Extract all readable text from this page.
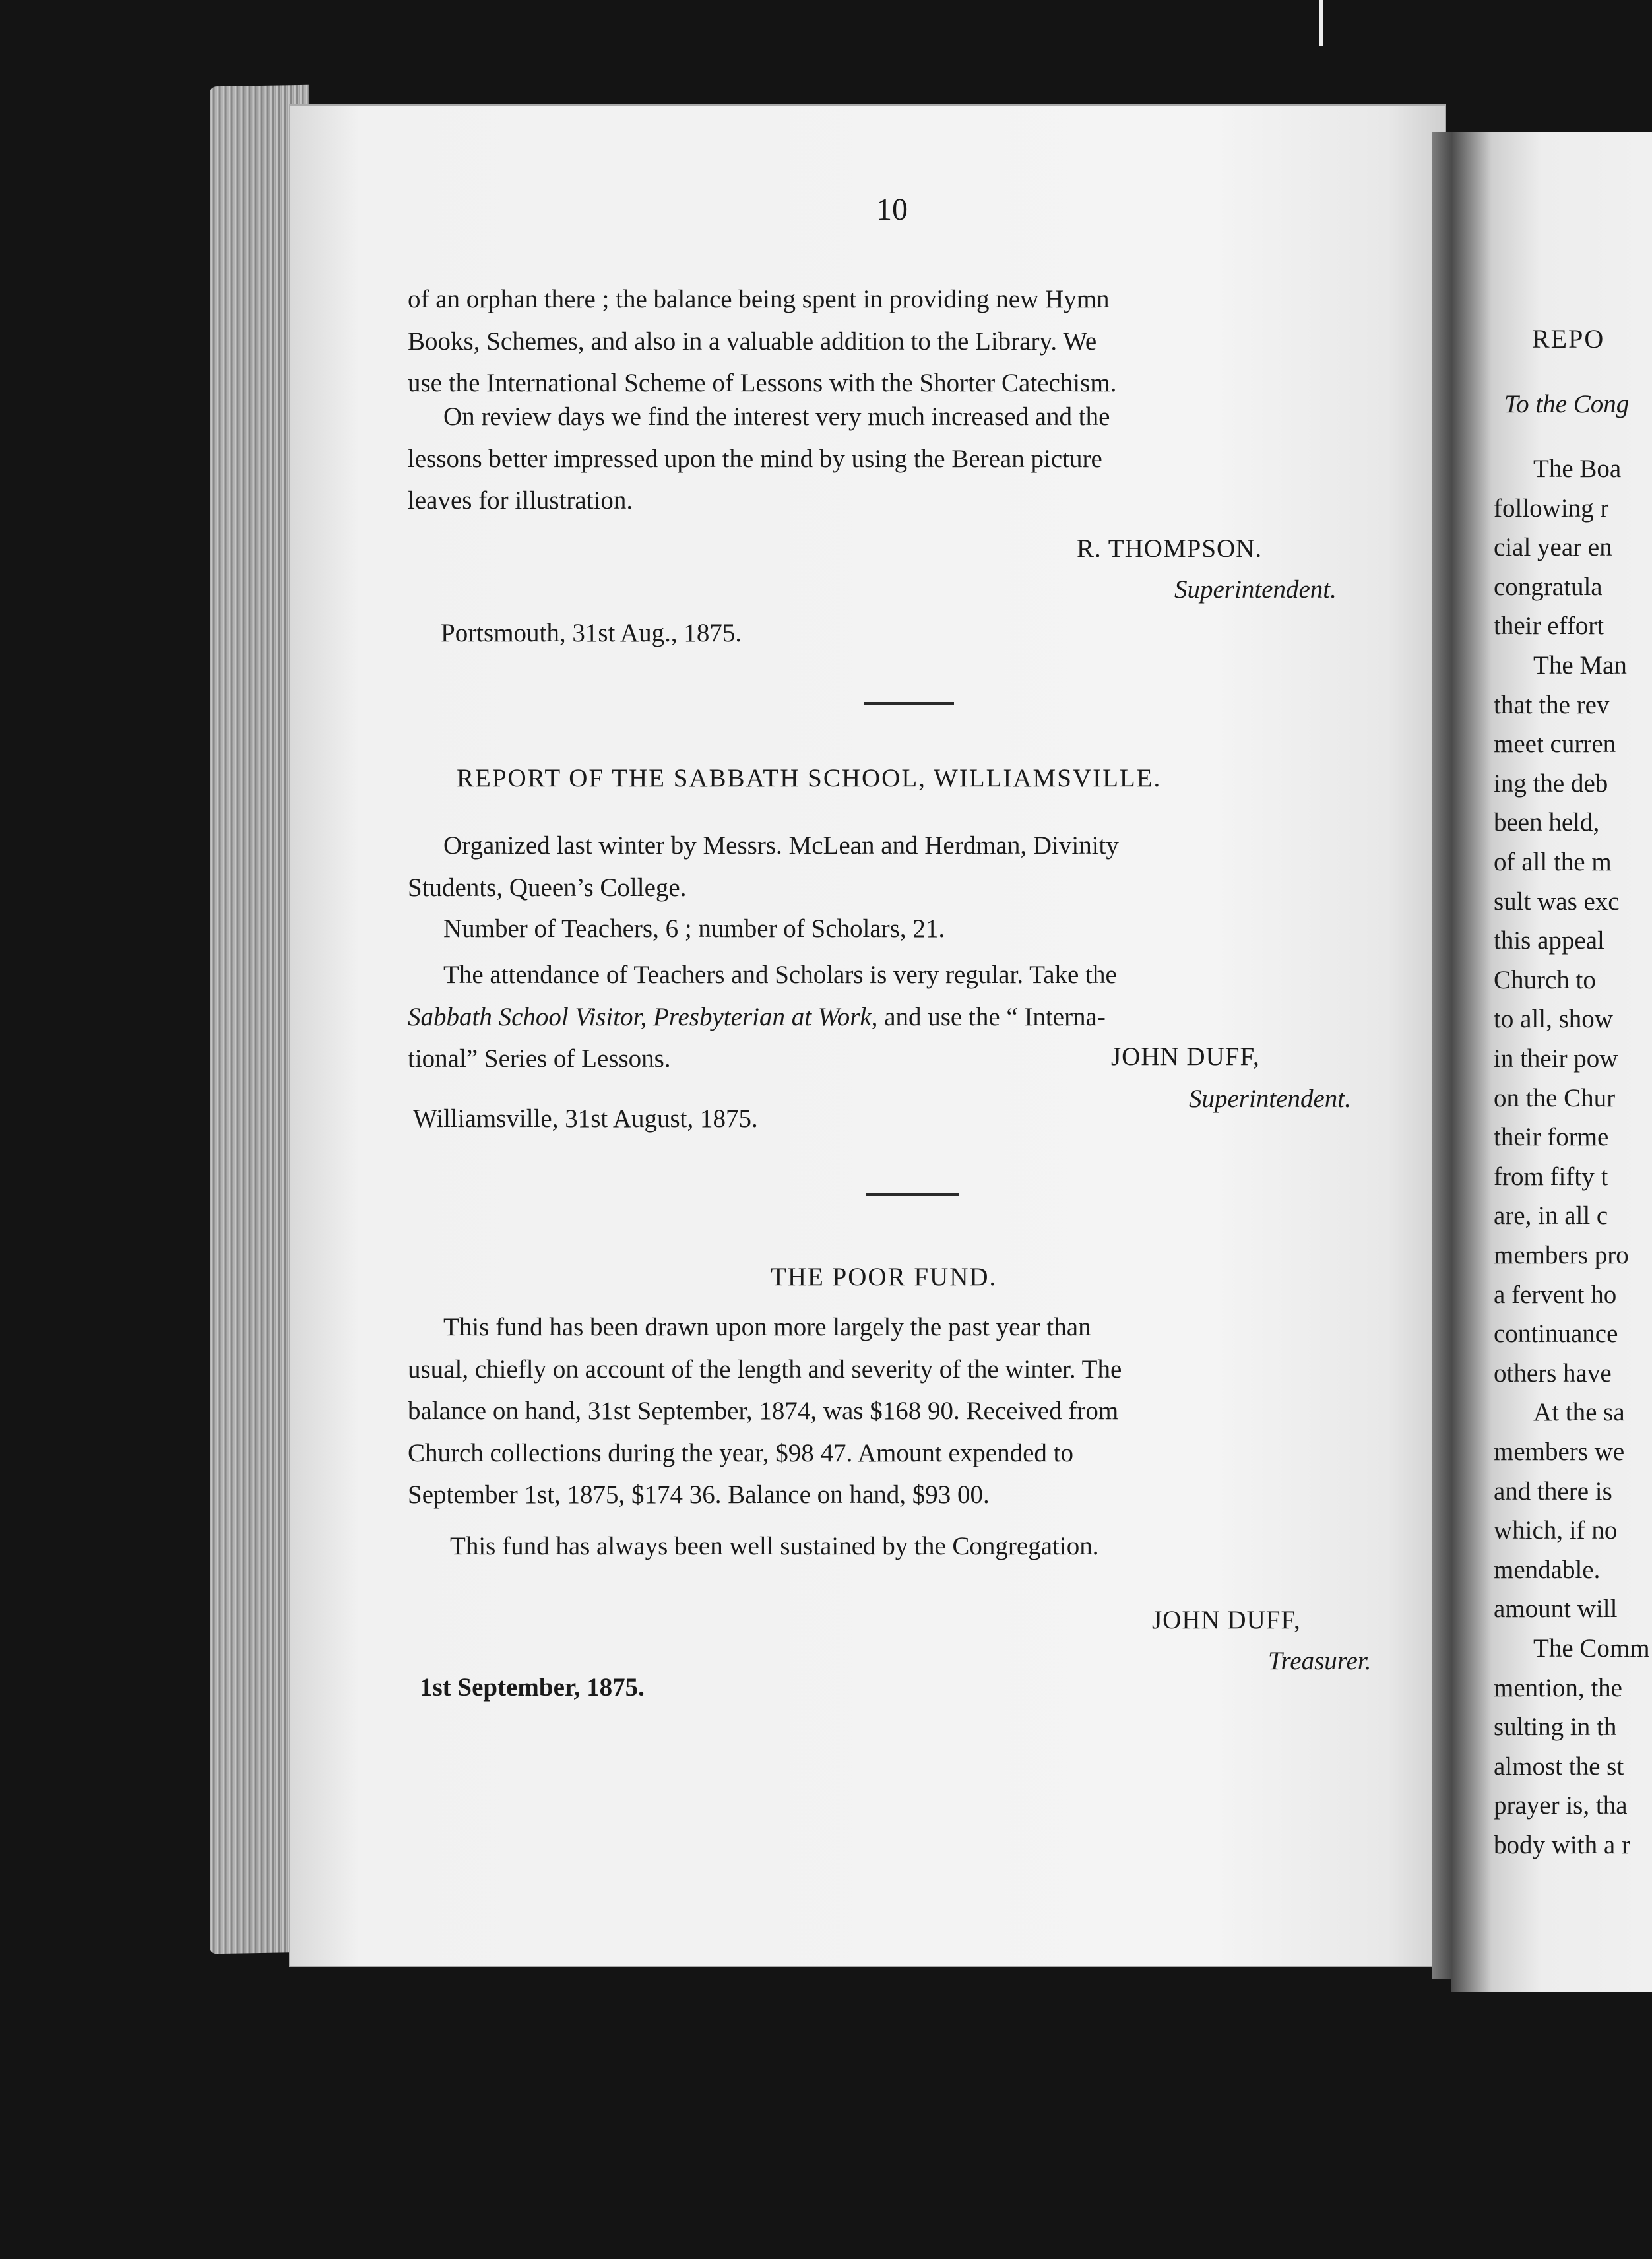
10
of an orphan there ; the balance being spent in providing new Hymn
Books, Schemes, and also in a valuable addition to the Library. We
use the International Scheme of Lessons with the Shorter Catechism.
On review days we find the interest very much increased and the
lessons better impressed upon the mind by using the Berean picture
leaves for illustration.
R. THOMPSON.
Superintendent.
Portsmouth, 31st Aug., 1875.
REPORT OF THE SABBATH SCHOOL, WILLIAMSVILLE.
Organized last winter by Messrs. McLean and Herdman, Divinity
Students, Queen’s College.
Number of Teachers, 6 ; number of Scholars, 21.
The attendance of Teachers and Scholars is very regular. Take the
Sabbath School Visitor, Presbyterian at Work, and use the “ Interna-
tional” Series of Lessons.	JOHN DUFF,
Superintendent.
Williamsville, 31st August, 1875.
THE POOR FUND.
This fund has been drawn upon more largely the past year than
usual, chiefly on account of the length and severity of the winter. The
balance on hand, 31st September, 1874, was $168 90. Received from
Church collections during the year, $98 47. Amount expended to
September 1st, 1875, $174 36. Balance on hand, $93 00.
This fund has always been well sustained by the Congregation.
JOHN DUFF,
Treasurer.
1st September, 1875.
REPO
To the Cong
The Boa
following r
cial year en
congratula
their effort
The Man
that the rev
meet curren
ing the deb
been held,
of all the m
sult was exc
this appeal
Church to
to all, show
in their pow
on the Chur
their forme
from fifty t
are, in all c
members pro
a fervent ho
continuance
others have
At the sa
members we
and there is
which, if no
mendable.
amount will
The Comm
mention, the
sulting in th
almost the st
prayer is, tha
body with a r
